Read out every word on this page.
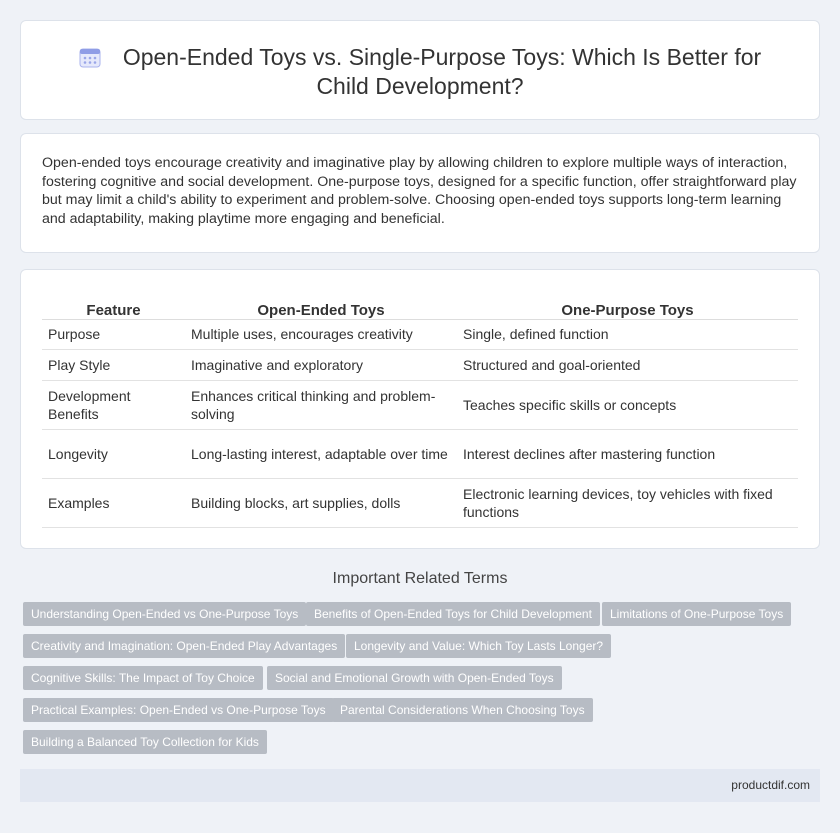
Open-Ended Toys vs. Single-Purpose Toys: Which Is Better for Child Development?

Open-ended toys encourage creativity and imaginative play by allowing children to explore multiple ways of interaction, fostering cognitive and social development. One-purpose toys, designed for a specific function, offer straightforward play but may limit a child's ability to experiment and problem-solve. Choosing open-ended toys supports long-term learning and adaptability, making playtime more engaging and beneficial.

Feature	Open-Ended Toys	One-Purpose Toys
Purpose	Multiple uses, encourages creativity	Single, defined function
Play Style	Imaginative and exploratory	Structured and goal-oriented
Development Benefits	Enhances critical thinking and problem-solving	Teaches specific skills or concepts
Longevity	Long-lasting interest, adaptable over time	Interest declines after mastering function
Examples	Building blocks, art supplies, dolls	Electronic learning devices, toy vehicles with fixed functions
Important Related Terms
Understanding Open-Ended vs One-Purpose Toys	Benefits of Open-Ended Toys for Child Development	Limitations of One-Purpose Toys
Creativity and Imagination: Open-Ended Play Advantages	Longevity and Value: Which Toy Lasts Longer?
Cognitive Skills: The Impact of Toy Choice	Social and Emotional Growth with Open-Ended Toys
Practical Examples: Open-Ended vs One-Purpose Toys	Parental Considerations When Choosing Toys
Building a Balanced Toy Collection for Kids
productdif.com
